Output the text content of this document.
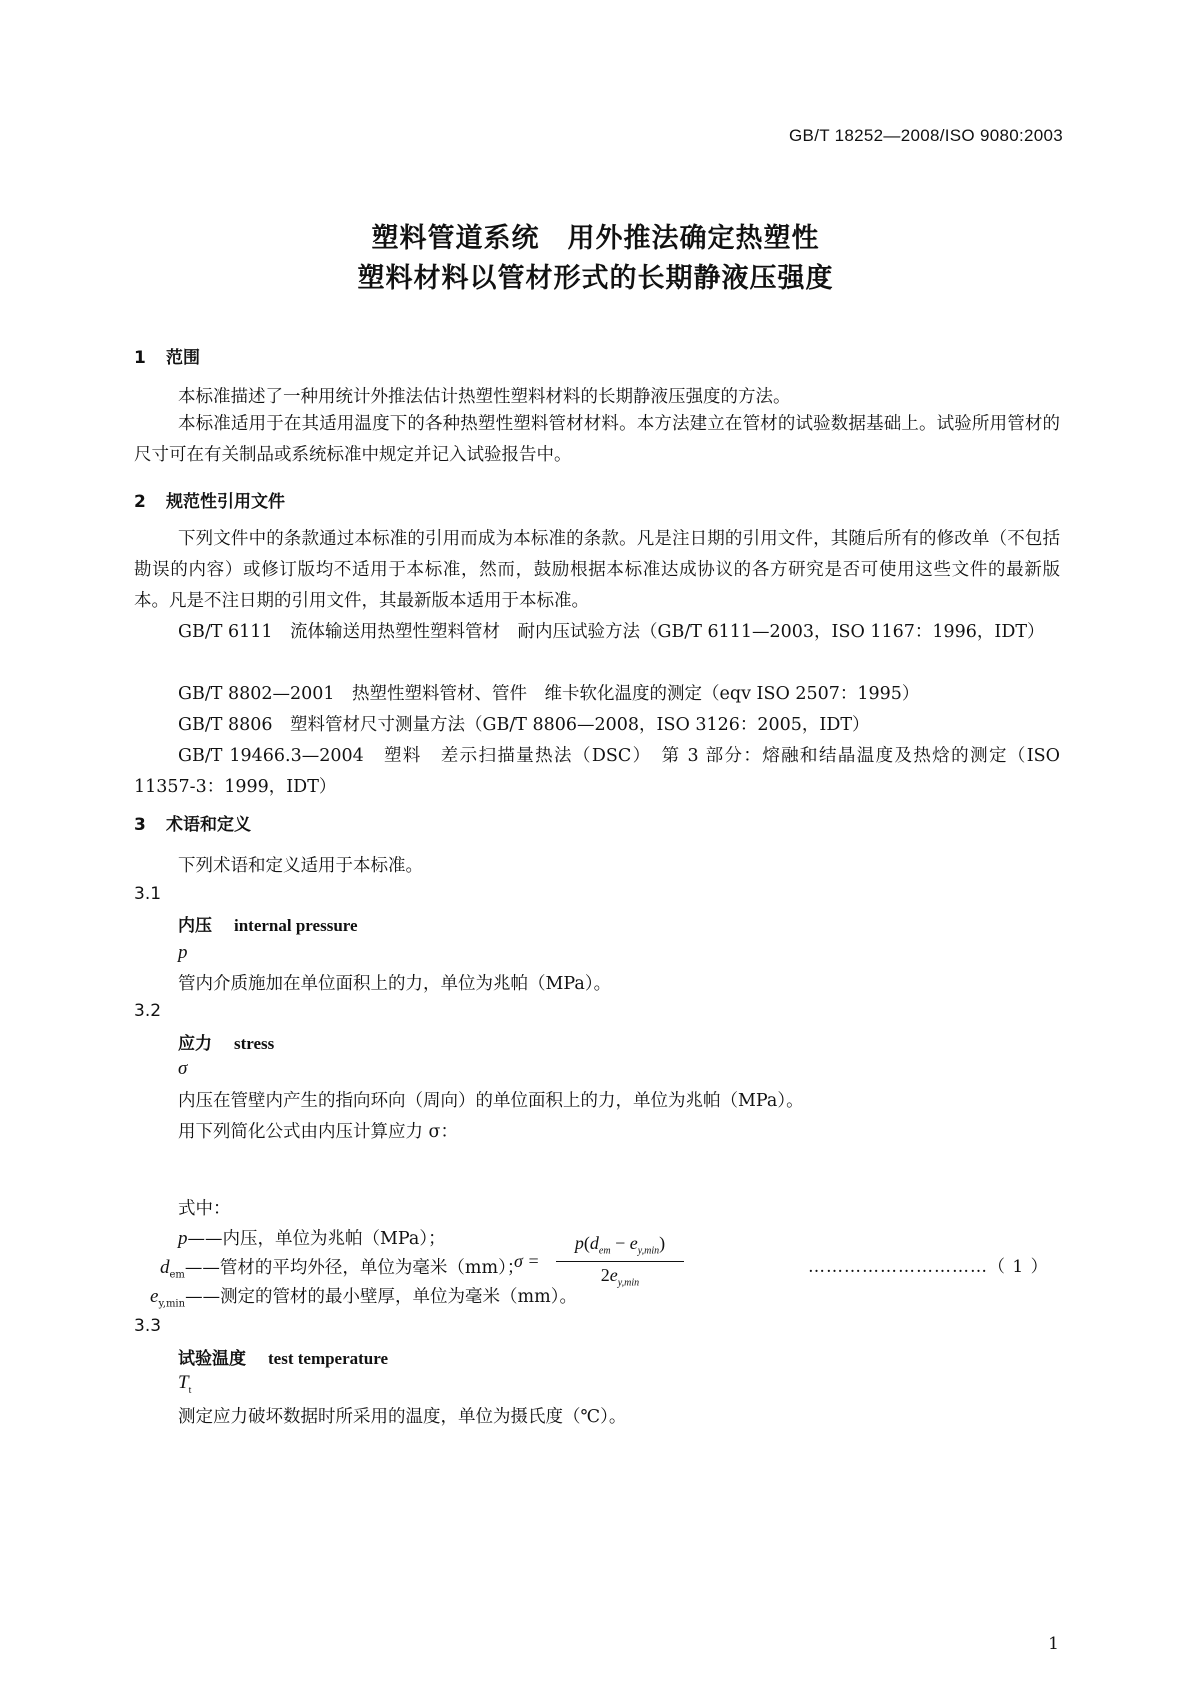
GB/T 18252—2008/ISO 9080:2003
塑料管道系统　用外推法确定热塑性
塑料材料以管材形式的长期静液压强度
1 范围
本标准描述了一种用统计外推法估计热塑性塑料材料的长期静液压强度的方法。
本标准适用于在其适用温度下的各种热塑性塑料管材材料。本方法建立在管材的试验数据基础上。试验所用管材的尺寸可在有关制品或系统标准中规定并记入试验报告中。
2 规范性引用文件
下列文件中的条款通过本标准的引用而成为本标准的条款。凡是注日期的引用文件，其随后所有的修改单（不包括勘误的内容）或修订版均不适用于本标准，然而，鼓励根据本标准达成协议的各方研究是否可使用这些文件的最新版本。凡是不注日期的引用文件，其最新版本适用于本标准。
GB/T 6111　流体输送用热塑性塑料管材　耐内压试验方法（GB/T 6111—2003，ISO 1167：1996，IDT）
GB/T 8802—2001　热塑性塑料管材、管件　维卡软化温度的测定（eqv ISO 2507：1995）
GB/T 8806　塑料管材尺寸测量方法（GB/T 8806—2008，ISO 3126：2005，IDT）
GB/T 19466.3—2004　塑料　差示扫描量热法（DSC）　第 3 部分：熔融和结晶温度及热焓的测定（ISO 11357-3：1999，IDT）
3 术语和定义
下列术语和定义适用于本标准。
3.1
内压 internal pressure
p
管内介质施加在单位面积上的力，单位为兆帕（MPa）。
3.2
应力 stress
σ
内压在管壁内产生的指向环向（周向）的单位面积上的力，单位为兆帕（MPa）。
用下列简化公式由内压计算应力 σ：
σ =
$p(d_{em} - e_{y,min})$
$2e_{y,min}$
…………………………（ 1 ）
式中：
p——内压，单位为兆帕（MPa）；
$d_{em}——$管材的平均外径，单位为毫米（mm）；
$e_{y,min}——$测定的管材的最小壁厚，单位为毫米（mm）。
3.3
试验温度 test temperature
$T_t$
测定应力破坏数据时所采用的温度，单位为摄氏度（℃）。
1
